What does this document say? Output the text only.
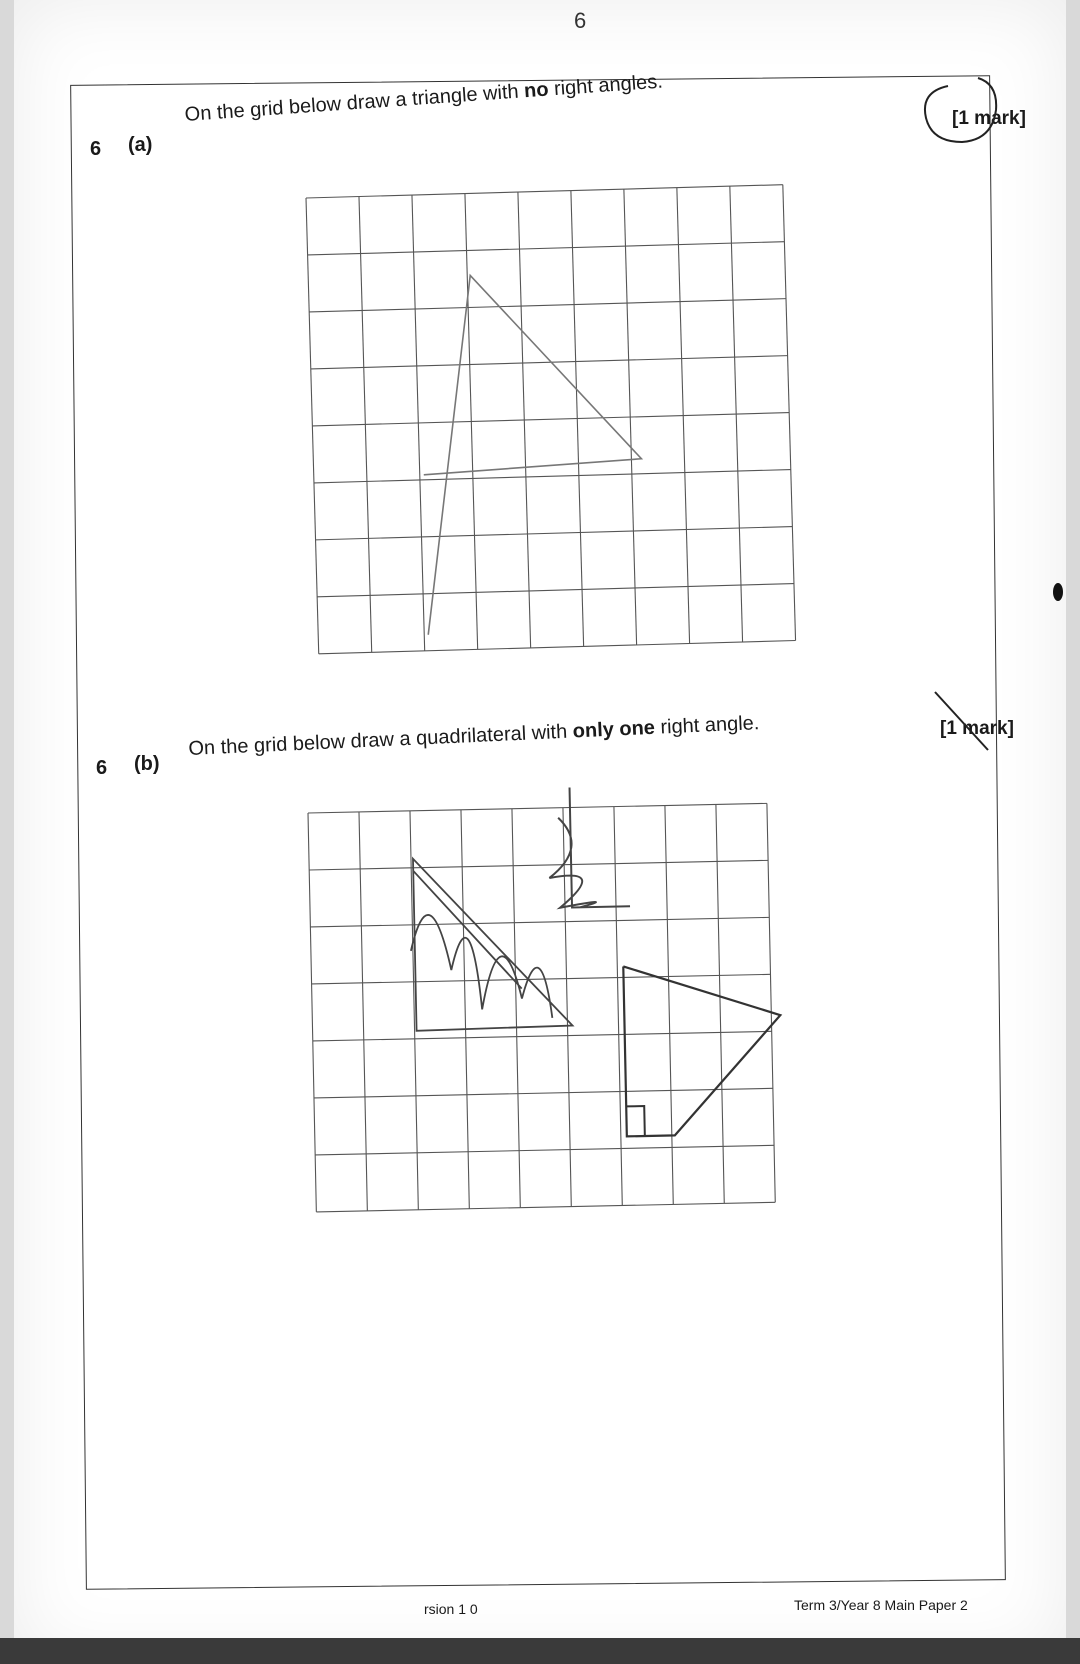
6
6 (a)
On the grid below draw a triangle with no right angles.
[1 mark]
6 (b)
On the grid below draw a quadrilateral with only one right angle.	[1 mark]
rsion 1 0	Term 3/Year 8 Main Paper 2
